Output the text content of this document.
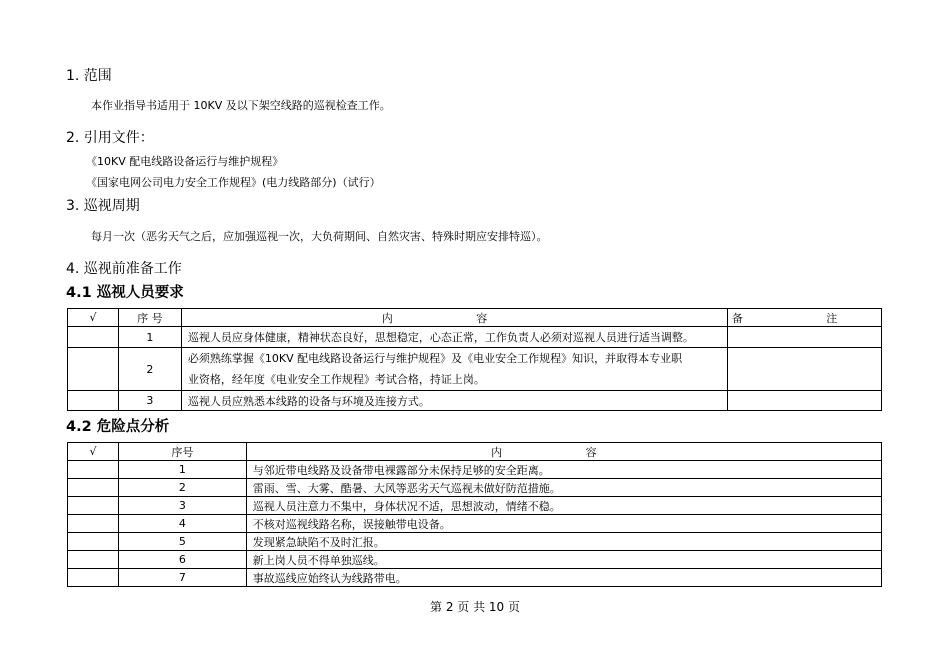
1. 范围
本作业指导书适用于 10KV 及以下架空线路的巡视检查工作。
2. 引用文件：
《10KV 配电线路设备运行与维护规程》
《国家电网公司电力安全工作规程》(电力线路部分)（试行）
3. 巡视周期
每月一次（恶劣天气之后，应加强巡视一次，大负荷期间、自然灾害、特殊时期应安排特巡）。
4. 巡视前准备工作
4.1 巡视人员要求
√	序 号	内 容	备 注
	1	巡视人员应身体健康，精神状态良好，思想稳定，心态正常，工作负责人必须对巡视人员进行适当调整。	
	2	必须熟练掌握《10KV 配电线路设备运行与维护规程》及《电业安全工作规程》知识，并取得本专业职
业资格，经年度《电业安全工作规程》考试合格，持证上岗。	

	3	巡视人员应熟悉本线路的设备与环境及连接方式。	
4.2 危险点分析
√	序号	内 容
	1	与邻近带电线路及设备带电裸露部分未保持足够的安全距离。
	2	雷雨、雪、大雾、酷暑、大风等恶劣天气巡视未做好防范措施。
	3	巡视人员注意力不集中，身体状况不适，思想波动，情绪不稳。
	4	不核对巡视线路名称，误接触带电设备。
	5	发现紧急缺陷不及时汇报。
	6	新上岗人员不得单独巡线。
	7	事故巡线应始终认为线路带电。
第 2 页 共 10 页
